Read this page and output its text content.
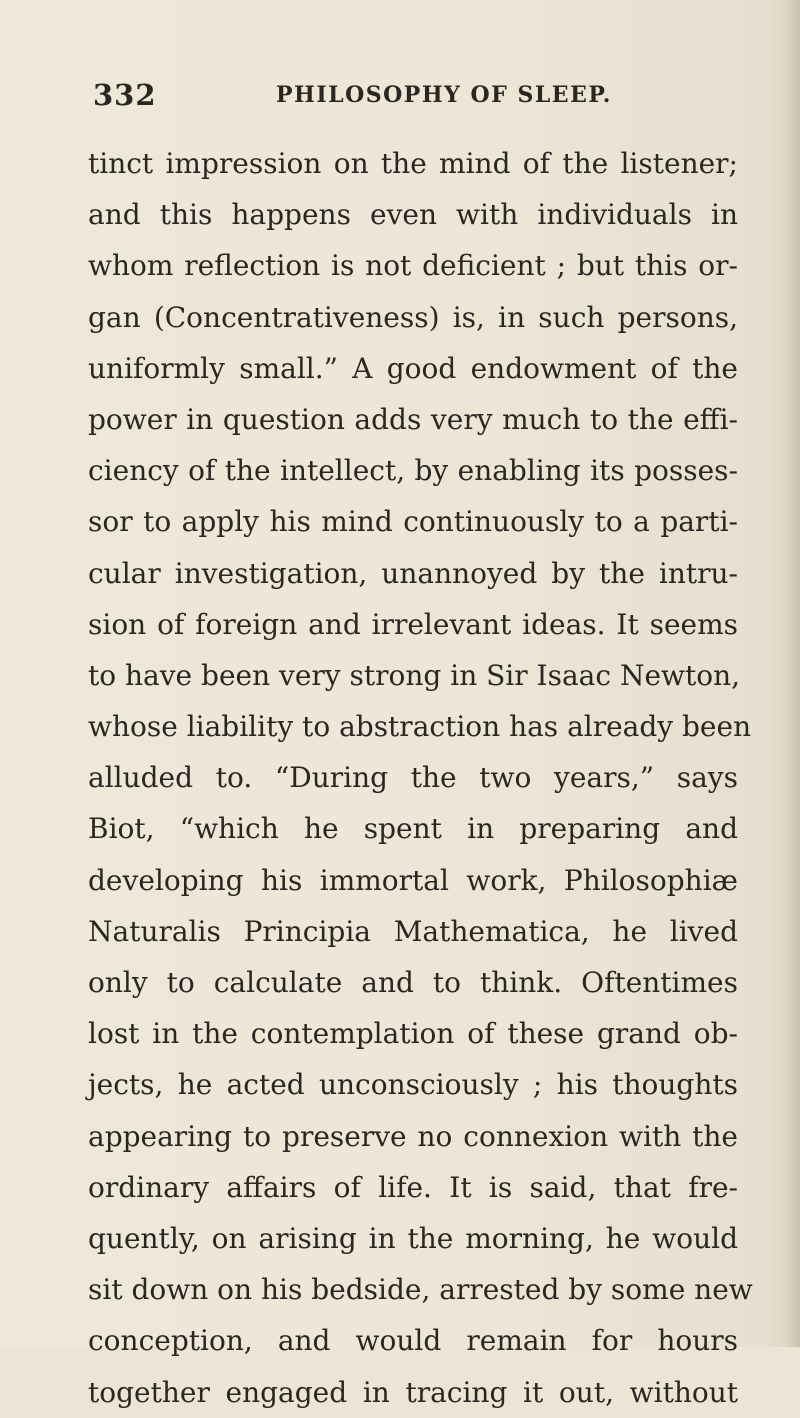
332	PHILOSOPHY OF SLEEP.
tinct impression on the mind of the listener;
and this happens even with individuals in
whom reflection is not deficient ; but this or-
gan (Concentrativeness) is, in such persons,
uniformly small.” A good endowment of the
power in question adds very much to the effi-
ciency of the intellect, by enabling its posses-
sor to apply his mind continuously to a parti-
cular investigation, unannoyed by the intru-
sion of foreign and irrelevant ideas. It seems
to have been very strong in Sir Isaac Newton,
whose liability to abstraction has already been
alluded to. “During the two years,” says
Biot, “which he spent in preparing and
developing his immortal work, Philosophiæ
Naturalis Principia Mathematica, he lived
only to calculate and to think. Oftentimes
lost in the contemplation of these grand ob-
jects, he acted unconsciously ; his thoughts
appearing to preserve no connexion with the
ordinary affairs of life. It is said, that fre-
quently, on arising in the morning, he would
sit down on his bedside, arrested by some new
conception, and would remain for hours
together engaged in tracing it out, without
